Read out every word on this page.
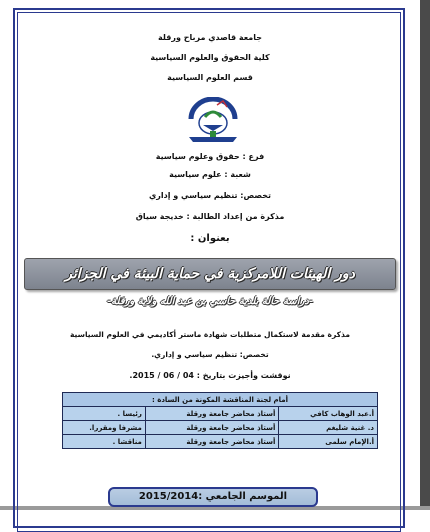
جامعة قاصدي مرباح ورقلة
كلية الحقوق والعلوم السياسية
قسم العلوم السياسية
فرع : حقوق وعلوم سياسية
شعبة : علوم سياسية
تخصص: تنظيم سياسي و إداري
مذكرة من إعداد الطالبة : خديجة سياق
بعنوان :
دور الهيئات اللامركزية في حماية البيئة في الجزائر
-دراسة حالة بلدية حاسي بن عبد الله ولاية ورقلة-
مذكرة مقدمة لاستكمال متطلبات شهادة ماستر أكاديمي في العلوم السياسية
تخصص: تنظيم سياسي و إداري.
نوقشت وأجيزت بتاريخ : 04 / 06 / 2015.
أمام لجنة المناقشة المكونة من السادة :		
أ.عبد الوهاب كافي	أستاذ محاضر جامعة ورقلة	رئيسا .
د. غنية شليغم	أستاذ محاضر جامعة ورقلة	مشرفا ومقررا.
أ.الإمام سلمى	أستاذ محاضر جامعة ورقلة	مناقشا .
الموسم الجامعي :2015/2014
